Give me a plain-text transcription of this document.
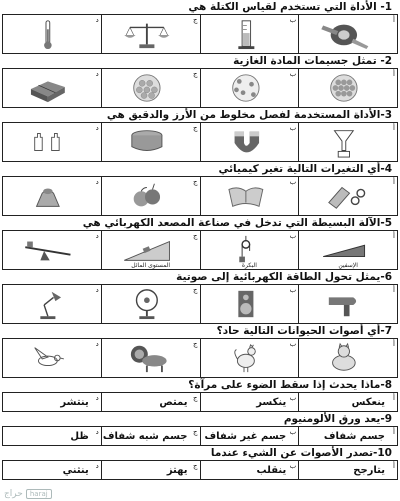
1- الأداة التي تستخدم لقياس الكتلة هي
أ
ب
ج
د
2- تمثل جسيمات المادة الغازية
أ
ب
ج
د
3-الأداة المستخدمة لفصل مخلوط من الأرز والدقيق هي
أ
ب
ج
د
4-أي التغيرات التالية تغير كيميائي
أ
ب
ج
د
5-الآلة البسيطة التي تدخل في صناعة المصعد الكهربائي هي
أ
الإسفين
ب
البكرة
ج
المستوى المائل
د
6-يمثل تحول الطاقة الكهربائية إلى صوتية
أ
ب
ج
د
7-أي أصوات الحيوانات التالية حاد؟
أ
ب
ج
د
8-ماذا يحدث إذا سقط الضوء على مرآة؟
أ
ينعكس
ب
ينكسر
ج
يمتص
د
ينتشر
9-يعد ورق الألومنيوم
أ
جسم شفاف
ب
جسم غير شفاف
ج
جسم شبه شفاف
د
ظل
10-تصدر الأصوات عن الشيء عندما
أ
يتارجح
ب
ينقلب
ج
يهتز
د
ينثني
حراج haraj
